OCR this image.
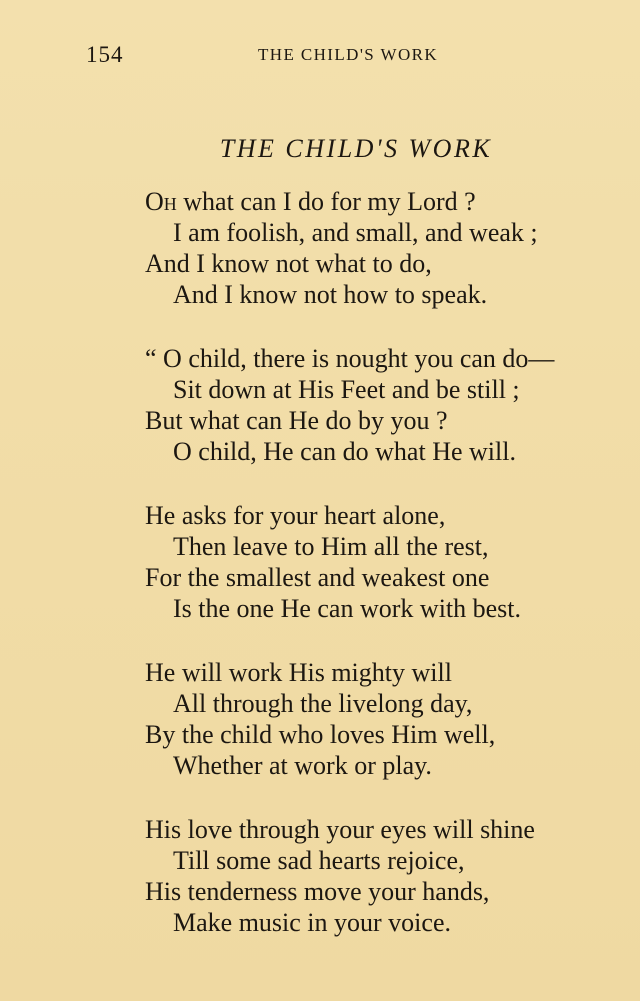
154	THE CHILD'S WORK
THE CHILD'S WORK
Oh what can I do for my Lord ?
I am foolish, and small, and weak ;
And I know not what to do,
And I know not how to speak.
“ O child, there is nought you can do—
Sit down at His Feet and be still ;
But what can He do by you ?
O child, He can do what He will.
He asks for your heart alone,
Then leave to Him all the rest,
For the smallest and weakest one
Is the one He can work with best.
He will work His mighty will
All through the livelong day,
By the child who loves Him well,
Whether at work or play.
His love through your eyes will shine
Till some sad hearts rejoice,
His tenderness move your hands,
Make music in your voice.
